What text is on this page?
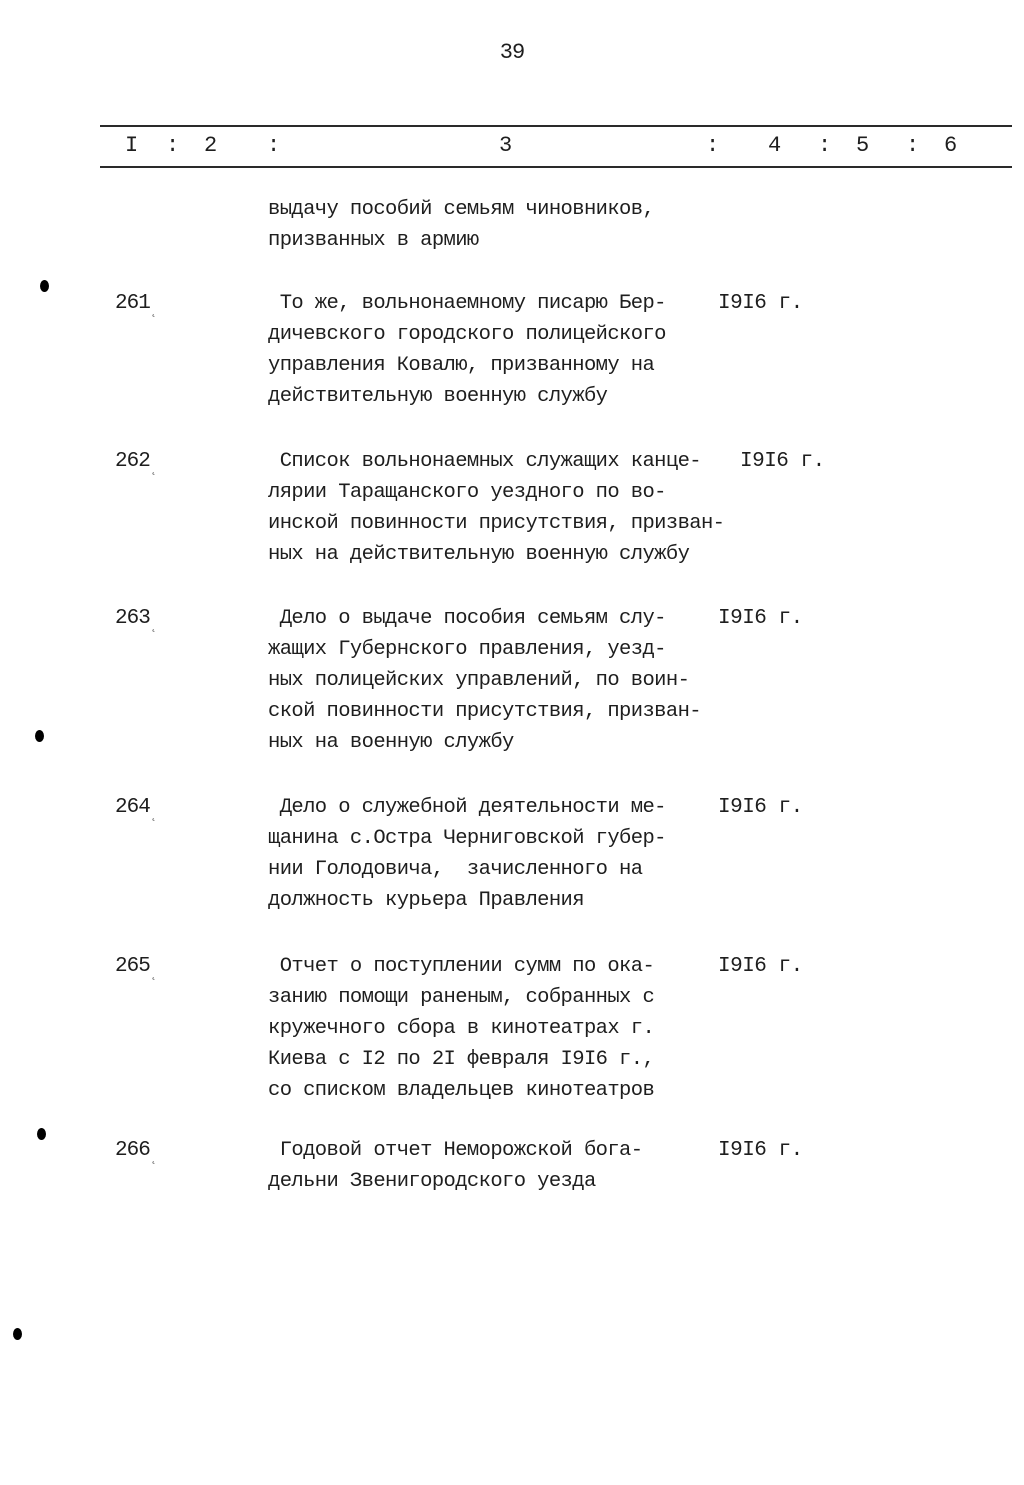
39
I : 2 :	3	: 4 : 5 : 6
выдачу пособий семьям чиновников,
призванных в армию
$261_˛$	То же, вольнонаемному писарю Бер-
дичевского городского полицейского
управления Ковалю, призванному на
действительную военную службу
I9I6 г.
$262_˛$	Список вольнонаемных служащих канце-
лярии Таращанского уездного по во-
инской повинности присутствия, призван-
ных на действительную военную службу
I9I6 г.
$263_˛$	Дело о выдаче пособия семьям слу-
жащих Губернского правления, уезд-
ных полицейских управлений, по воин-
ской повинности присутствия, призван-
ных на военную службу
I9I6 г.
$264_˛$	Дело о служебной деятельности ме-
щанина с.Остра Черниговской губер-
нии Голодовича,  зачисленного на
должность курьера Правления
I9I6 г.
$265_˛$	Отчет о поступлении сумм по ока-
занию помощи раненым, собранных с
кружечного сбора в кинотеатрах г.
Киева с I2 по 2I февраля I9I6 г.,
со списком владельцев кинотеатров
I9I6 г.
$266_˛$	Годовой отчет Неморожской бога-
дельни Звенигородского уезда
I9I6 г.
